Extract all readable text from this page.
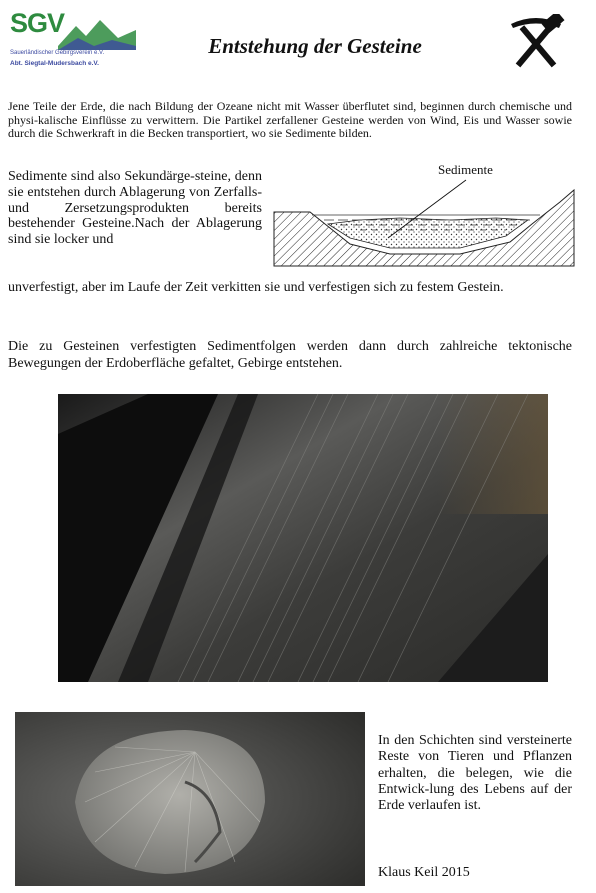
SGV
Sauerländischer Gebirgsverein e.V.
Abt. Siegtal-Mudersbach e.V.
Entstehung der Gesteine
Jene Teile der Erde, die nach Bildung der Ozeane nicht mit Wasser überflutet sind, beginnen durch chemische und physi-kalische Einflüsse zu verwittern. Die Partikel zerfallener Gesteine werden von Wind, Eis und Wasser sowie durch die Schwerkraft in die Becken transportiert, wo sie Sedimente bilden.
Sedimente sind also Sekundärge-steine, denn sie entstehen durch Ablagerung von Zerfalls- und Zersetzungsprodukten bereits bestehender Gesteine.Nach der Ablagerung sind sie locker und
Sedimente
unverfestigt, aber im Laufe der Zeit verkitten sie und verfestigen sich zu festem Gestein.
Die zu Gesteinen verfestigten Sedimentfolgen werden dann durch zahlreiche tektonische Bewegungen der Erdoberfläche gefaltet, Gebirge entstehen.
In den Schichten sind versteinerte Reste von Tieren und Pflanzen erhalten, die belegen, wie die Entwick-lung des Lebens auf der Erde verlaufen ist.
Klaus Keil 2015
